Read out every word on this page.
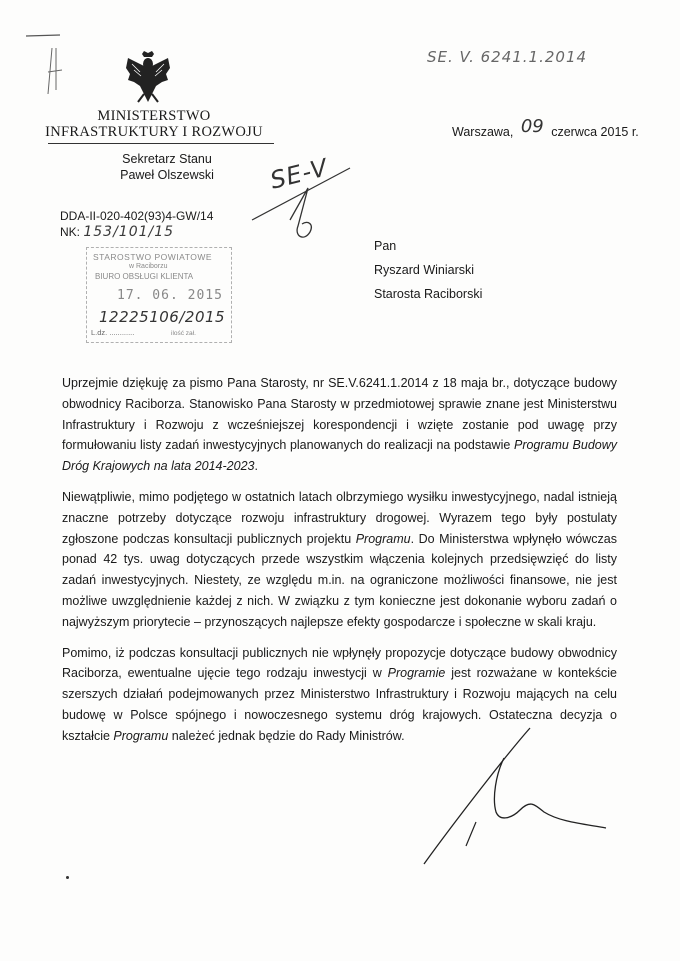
MINISTERSTWO
INFRASTRUKTURY I ROZWOJU
Sekretarz Stanu
Paweł Olszewski
SE. V. 6241.1.2014
Warszawa, 09 czerwca 2015 r.
SE-V
DDA-II-020-402(93)4-GW/14
NK: 153/101/15
STAROSTWO POWIATOWE
w Raciborzu
BIURO OBSŁUGI KLIENTA
17. 06. 2015
12225106/2015
L.dz. ............	ilość zał.
Pan
Ryszard Winiarski
Starosta Raciborski

Uprzejmie dziękuję za pismo Pana Starosty, nr SE.V.6241.1.2014 z 18 maja br., dotyczące budowy obwodnicy Raciborza. Stanowisko Pana Starosty w przedmiotowej sprawie znane jest Ministerstwu Infrastruktury i Rozwoju z wcześniejszej korespondencji i wzięte zostanie pod uwagę przy formułowaniu listy zadań inwestycyjnych planowanych do realizacji na podstawie Programu Budowy Dróg Krajowych na lata 2014-2023.

Niewątpliwie, mimo podjętego w ostatnich latach olbrzymiego wysiłku inwestycyjnego, nadal istnieją znaczne potrzeby dotyczące rozwoju infrastruktury drogowej. Wyrazem tego były postulaty zgłoszone podczas konsultacji publicznych projektu Programu. Do Ministerstwa wpłynęło wówczas ponad 42 tys. uwag dotyczących przede wszystkim włączenia kolejnych przedsięwzięć do listy zadań inwestycyjnych. Niestety, ze względu m.in. na ograniczone możliwości finansowe, nie jest możliwe uwzględnienie każdej z nich. W związku z tym konieczne jest dokonanie wyboru zadań o najwyższym priorytecie – przynoszących najlepsze efekty gospodarcze i społeczne w skali kraju.

Pomimo, iż podczas konsultacji publicznych nie wpłynęły propozycje dotyczące budowy obwodnicy Raciborza, ewentualne ujęcie tego rodzaju inwestycji w Programie jest rozważane w kontekście szerszych działań podejmowanych przez Ministerstwo Infrastruktury i Rozwoju mających na celu budowę w Polsce spójnego i nowoczesnego systemu dróg krajowych. Ostateczna decyzja o kształcie Programu należeć jednak będzie do Rady Ministrów.
